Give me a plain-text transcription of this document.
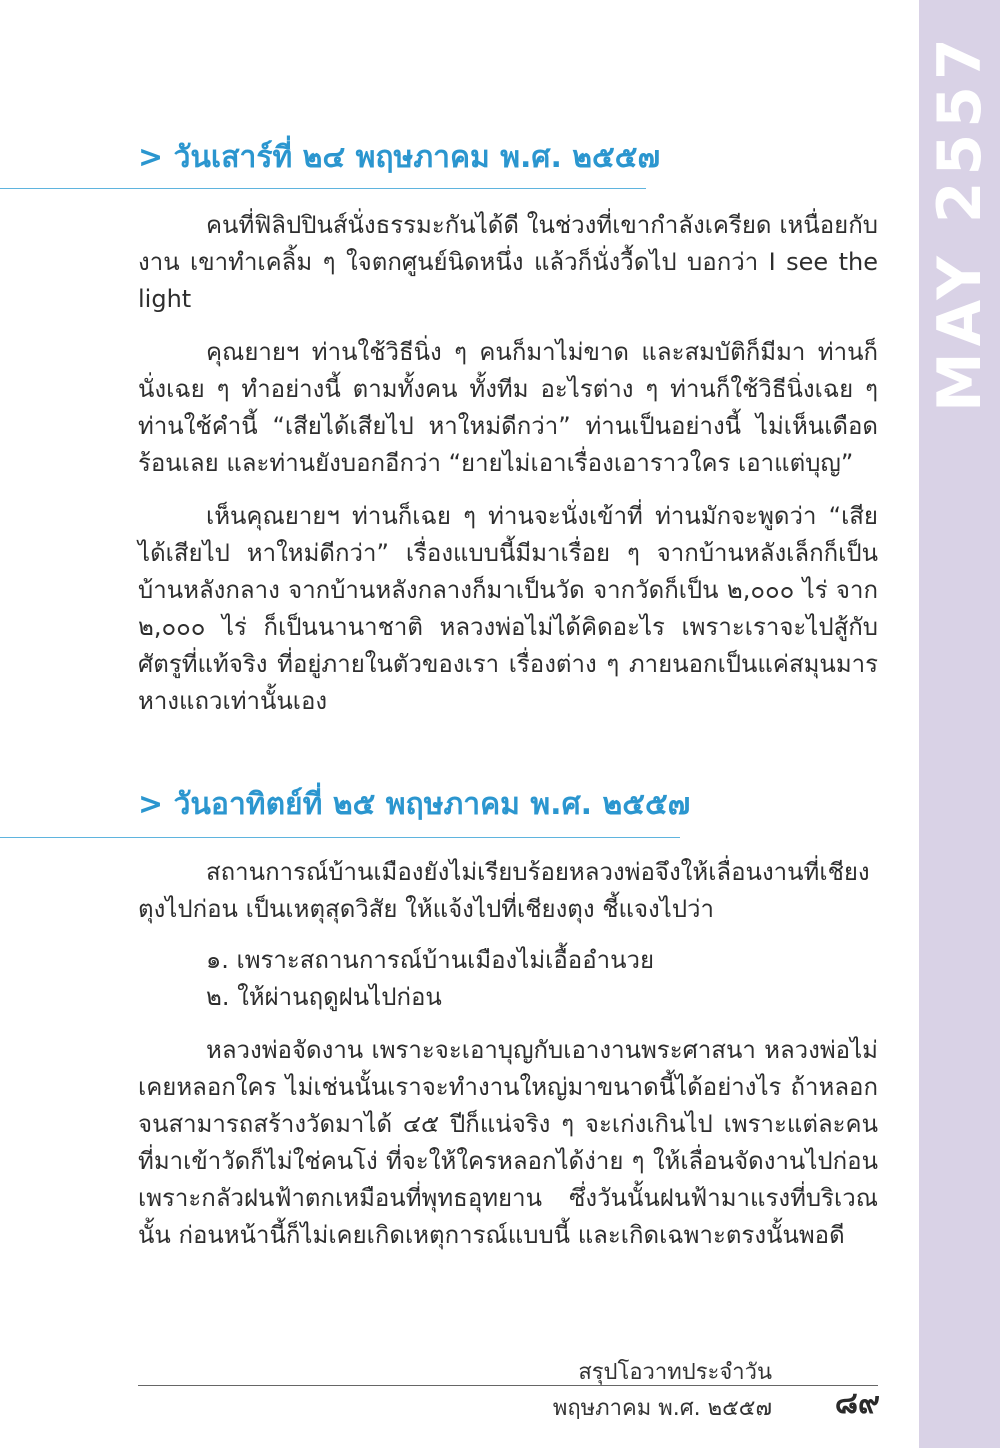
MAY 2557
> วันเสาร์ที่ ๒๔ พฤษภาคม พ.ศ. ๒๕๕๗

คนที่ฟิลิปปินส์นั่งธรรมะกันได้ดี ในช่วงที่เขากำลังเครียด เหนื่อยกับงาน เขาทำเคลิ้ม ๆ ใจตกศูนย์นิดหนึ่ง แล้วก็นั่งวื้ดไป บอกว่า I see the light

คุณยายฯ ท่านใช้วิธีนิ่ง ๆ คนก็มาไม่ขาด และสมบัติก็มีมา ท่านก็นั่งเฉย ๆ ทำอย่างนี้ ตามทั้งคน ทั้งทีม อะไรต่าง ๆ ท่านก็ใช้วิธีนิ่งเฉย ๆ ท่านใช้คำนี้ “เสียได้เสียไป หาใหม่ดีกว่า” ท่านเป็นอย่างนี้ ไม่เห็นเดือดร้อนเลย และท่านยังบอกอีกว่า “ยายไม่เอาเรื่องเอาราวใคร เอาแต่บุญ”

เห็นคุณยายฯ ท่านก็เฉย ๆ ท่านจะนั่งเข้าที่ ท่านมักจะพูดว่า “เสียได้เสียไป หาใหม่ดีกว่า” เรื่องแบบนี้มีมาเรื่อย ๆ จากบ้านหลังเล็กก็เป็นบ้านหลังกลาง จากบ้านหลังกลางก็มาเป็นวัด จากวัดก็เป็น ๒,๐๐๐ ไร่ จาก ๒,๐๐๐ ไร่ ก็เป็นนานาชาติ หลวงพ่อไม่ได้คิดอะไร เพราะเราจะไปสู้กับศัตรูที่แท้จริง ที่อยู่ภายในตัวของเรา เรื่องต่าง ๆ ภายนอกเป็นแค่สมุนมารหางแถวเท่านั้นเอง

> วันอาทิตย์ที่ ๒๕ พฤษภาคม พ.ศ. ๒๕๕๗

สถานการณ์บ้านเมืองยังไม่เรียบร้อยหลวงพ่อจึงให้เลื่อนงานที่เชียงตุงไปก่อน เป็นเหตุสุดวิสัย ให้แจ้งไปที่เชียงตุง ชี้แจงไปว่า

๑. เพราะสถานการณ์บ้านเมืองไม่เอื้ออำนวย

๒. ให้ผ่านฤดูฝนไปก่อน

หลวงพ่อจัดงาน เพราะจะเอาบุญกับเอางานพระศาสนา หลวงพ่อไม่เคยหลอกใคร ไม่เช่นนั้นเราจะทำงานใหญ่มาขนาดนี้ได้อย่างไร ถ้าหลอกจนสามารถสร้างวัดมาได้ ๔๕ ปีก็แน่จริง ๆ จะเก่งเกินไป เพราะแต่ละคนที่มาเข้าวัดก็ไม่ใช่คนโง่ ที่จะให้ใครหลอกได้ง่าย ๆ ให้เลื่อนจัดงานไปก่อน เพราะกลัวฝนฟ้าตกเหมือนที่พุทธอุทยาน ซึ่งวันนั้นฝนฟ้ามาแรงที่บริเวณนั้น ก่อนหน้านี้ก็ไม่เคยเกิดเหตุการณ์แบบนี้ และเกิดเฉพาะตรงนั้นพอดี

สรุปโอวาทประจำวัน
พฤษภาคม พ.ศ. ๒๕๕๗ ๘๙
